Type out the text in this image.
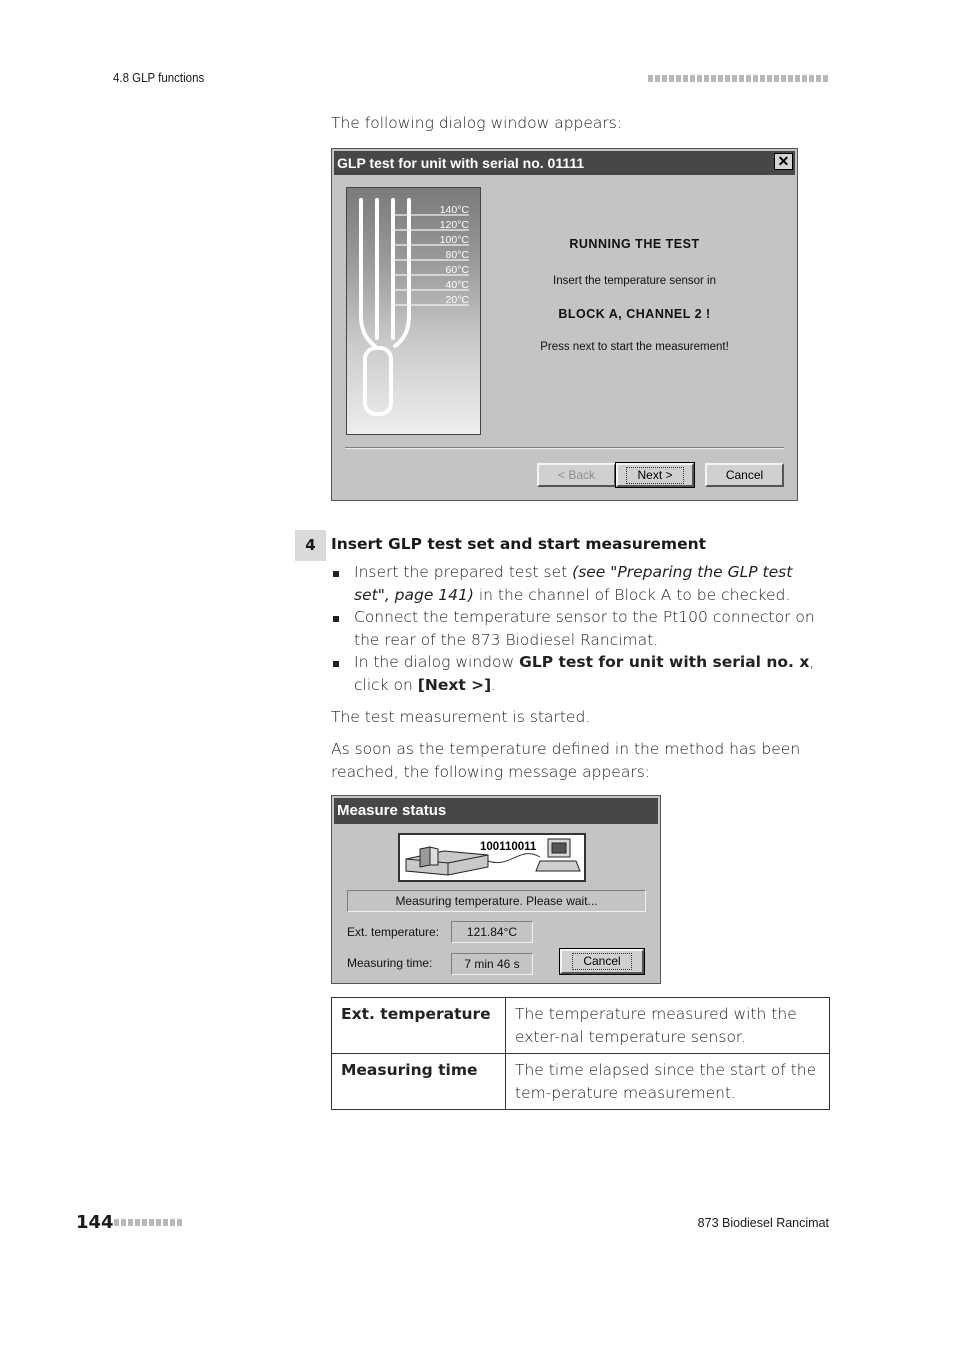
4.8 GLP functions
The following dialog window appears:
GLP test for unit with serial no. 01111	✕
140°C
120°C
100°C
80°C
60°C
40°C
20°C
RUNNING THE TEST
Insert the temperature sensor in
BLOCK A, CHANNEL 2 !
Press next to start the measurement!
< Back	Next >	Cancel
4 Insert GLP test set and start measurement
Insert the prepared test set (see "Preparing the GLP test set", page 141) in the channel of Block A to be checked.
Connect the temperature sensor to the Pt100 connector on the rear of the 873 Biodiesel Rancimat.
In the dialog window GLP test for unit with serial no. x, click on [Next >].
The test measurement is started.
As soon as the temperature defined in the method has been reached, the following message appears:
Measure status
100110011
Measuring temperature. Please wait...
Ext. temperature:	121.84°C
Measuring time:	7 min 46 s	Cancel
Ext. temperature	The temperature measured with the exter-nal temperature sensor.
Measuring time	The time elapsed since the start of the tem-perature measurement.
144	873 Biodiesel Rancimat
